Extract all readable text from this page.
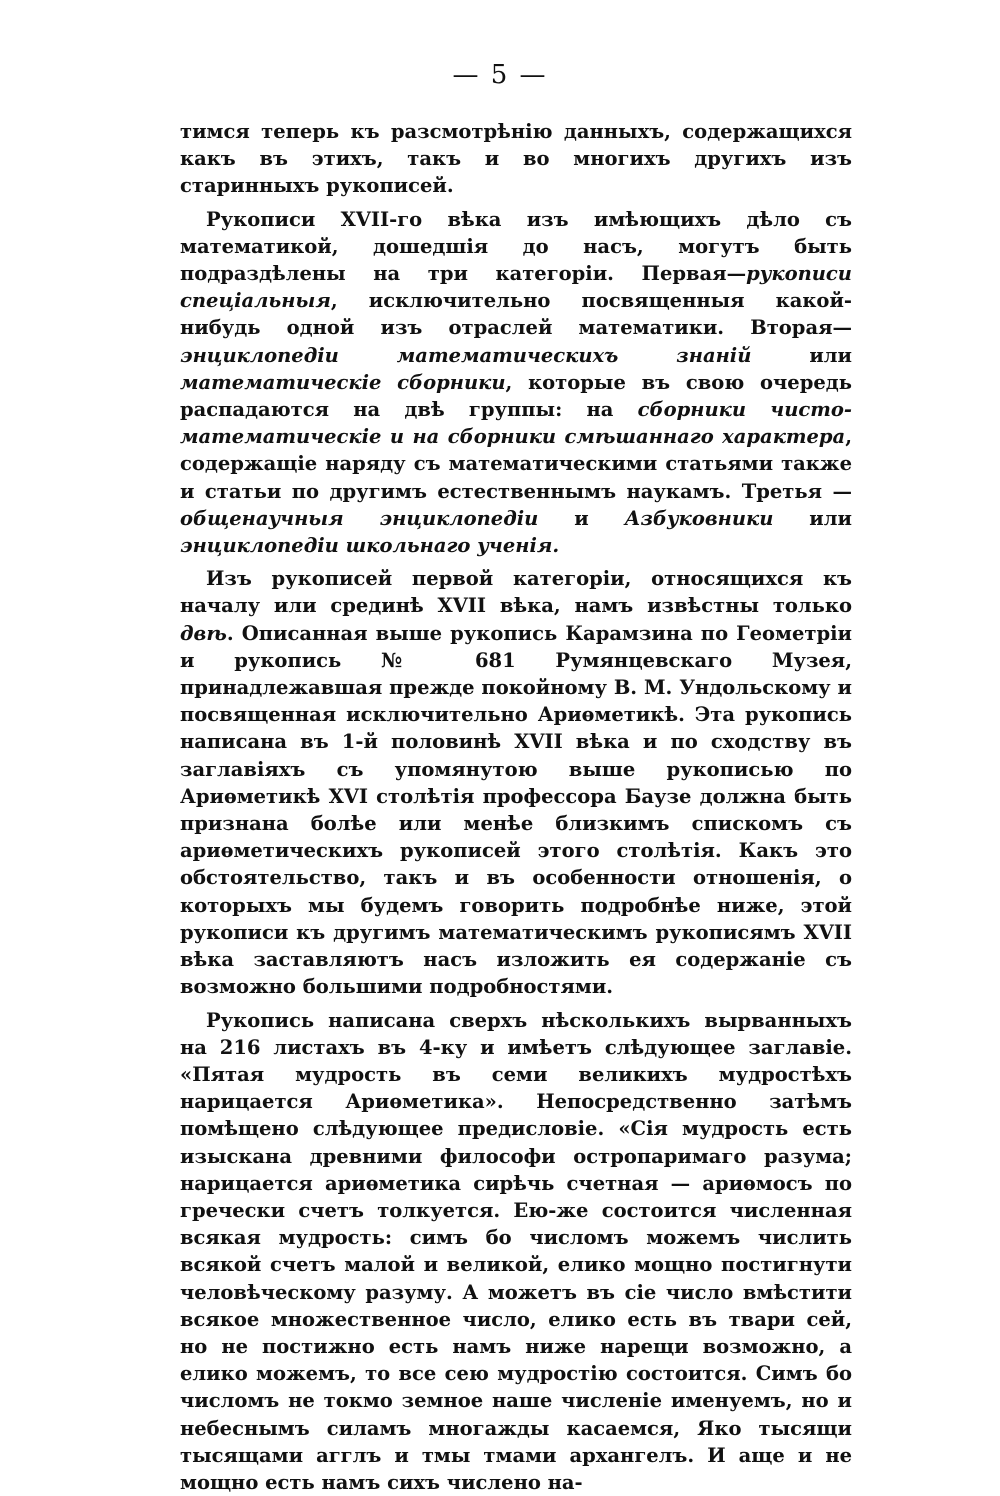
— 5 —

тимся теперь къ разсмотрѣнію данныхъ, содержащихся какъ въ этихъ, такъ и во многихъ другихъ изъ старинныхъ рукописей.

Рукописи XVII-го вѣка изъ имѣющихъ дѣло съ математикой, дошедшія до насъ, могутъ быть подраздѣлены на три категоріи. Первая—рукописи спеціальныя, исключительно посвященныя какой-нибудь одной изъ отраслей математики. Вторая—энциклопедіи математическихъ знаній или математическіе сборники, которые въ свою очередь распадаются на двѣ группы: на сборники чисто-математическіе и на сборники смѣшаннаго характера, содержащіе наряду съ математическими статьями также и статьи по другимъ естественнымъ наукамъ. Третья — общенаучныя энциклопедіи и Азбуковники или энциклопедіи школьнаго ученія.

Изъ рукописей первой категоріи, относящихся къ началу или срединѣ XVII вѣка, намъ извѣстны только двѣ. Описанная выше рукопись Карамзина по Геометріи и рукопись № 681 Румянцевскаго Музея, принадлежавшая прежде покойному В. М. Ундольскому и посвященная исключительно Ариѳметикѣ. Эта рукопись написана въ 1-й половинѣ XVII вѣка и по сходству въ заглавіяхъ съ упомянутою выше рукописью по Ариѳметикѣ XVI столѣтія профессора Баузе должна быть признана болѣе или менѣе близкимъ спискомъ съ ариѳметическихъ рукописей этого столѣтія. Какъ это обстоятельство, такъ и въ особенности отношенія, о которыхъ мы будемъ говорить подробнѣе ниже, этой рукописи къ другимъ математическимъ рукописямъ XVII вѣка заставляютъ насъ изложить ея содержаніе съ возможно большими подробностями.

Рукопись написана сверхъ нѣсколькихъ вырванныхъ на 216 листахъ въ 4-ку и имѣетъ слѣдующее заглавіе. «Пятая мудрость въ семи великихъ мудростѣхъ нарицается Ариѳметика». Непосредственно затѣмъ помѣщено слѣдующее предисловіе. «Сія мудрость есть изыскана древними философи остропаримаго разума; нарицается ариѳметика сирѣчь счетная — ариѳмосъ по гречески счетъ толкуется. Ею-же состоится численная всякая мудрость: симъ бо числомъ можемъ числить всякой счетъ малой и великой, елико мощно постигнути человѣческому разуму. А можетъ въ сіе число вмѣстити всякое множественное число, елико есть въ твари сей, но не постижно есть намъ ниже нарещи возможно, а елико можемъ, то все сею мудростію состоится. Симъ бо числомъ не токмо земное наше численіе именуемъ, но и небеснымъ силамъ многажды касаемся, Яко тысящи тысящами агглъ и тмы тмами архангелъ. И аще и не мощно есть намъ сихъ числено на-
